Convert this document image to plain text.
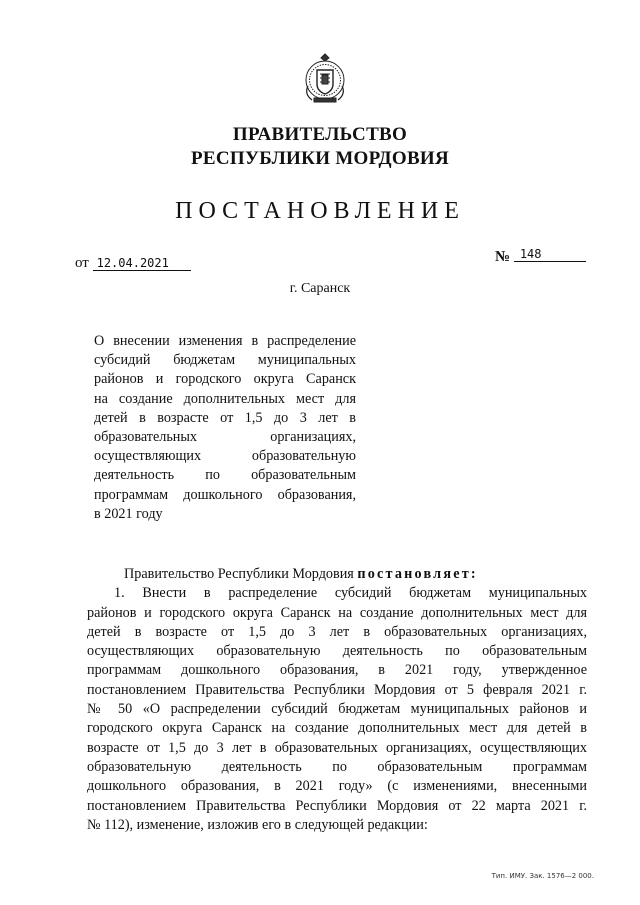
ПРАВИТЕЛЬСТВО
РЕСПУБЛИКИ МОРДОВИЯ
ПОСТАНОВЛЕНИЕ
от 12.04.2021	№ 148
г. Саранск
О внесении изменения в распределение
субсидий бюджетам муниципальных
районов и городского округа Саранск
на создание дополнительных мест для
детей в возрасте от 1,5 до 3 лет в
образовательных организациях,
осуществляющих образовательную
деятельность по образовательным
программам дошкольного образования,
в 2021 году
Правительство Республики Мордовия постановляет:
1. Внести в распределение субсидий бюджетам муниципальных
районов и городского округа Саранск на создание дополнительных мест для
детей в возрасте от 1,5 до 3 лет в образовательных организациях,
осуществляющих образовательную деятельность по образовательным
программам дошкольного образования, в 2021 году, утвержденное
постановлением Правительства Республики Мордовия от 5 февраля 2021 г.
№ 50 «О распределении субсидий бюджетам муниципальных районов и
городского округа Саранск на создание дополнительных мест для детей в
возрасте от 1,5 до 3 лет в образовательных организациях, осуществляющих
образовательную деятельность по образовательным программам
дошкольного образования, в 2021 году» (с изменениями, внесенными
постановлением Правительства Республики Мордовия от 22 марта 2021 г.
№ 112), изменение, изложив его в следующей редакции:
Тип. ИМУ. Зак. 1576—2 000.
